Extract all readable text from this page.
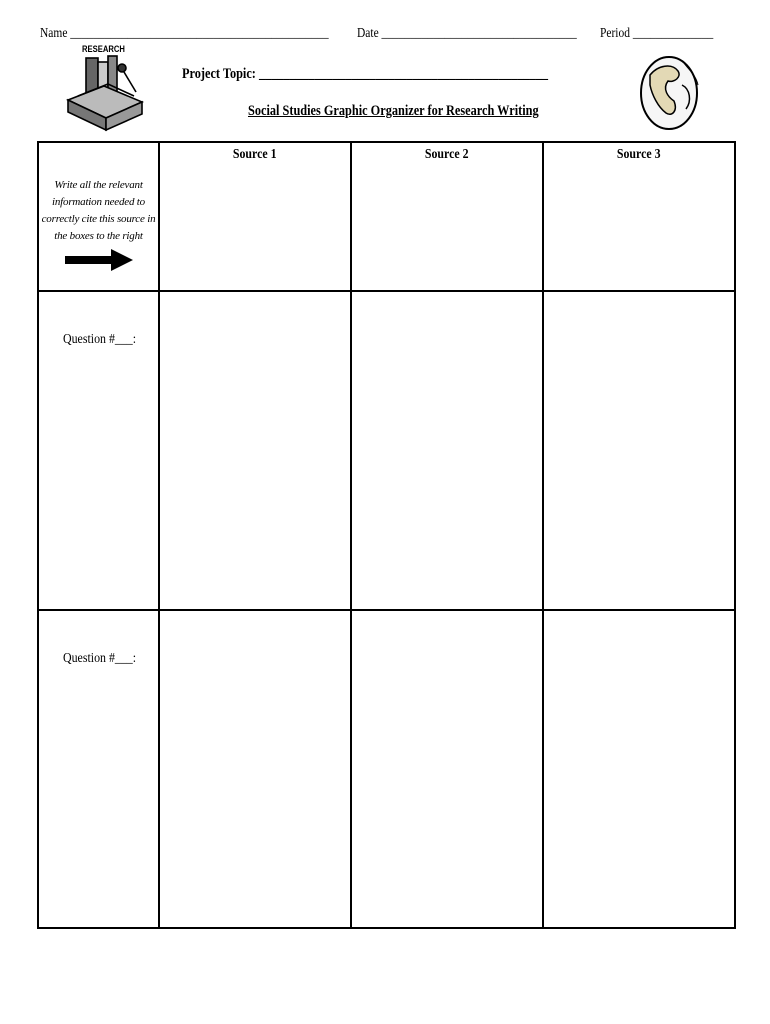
Name _____________________________________________ Date __________________________________ Period ______________
RESEARCH
Project Topic: _______________________________________________
Social Studies Graphic Organizer for Research Writing
Write all the relevant information needed to correctly cite this source in the boxes to the right	Source 1	Source 2	Source 3
Question #___:			
Question #___:			
